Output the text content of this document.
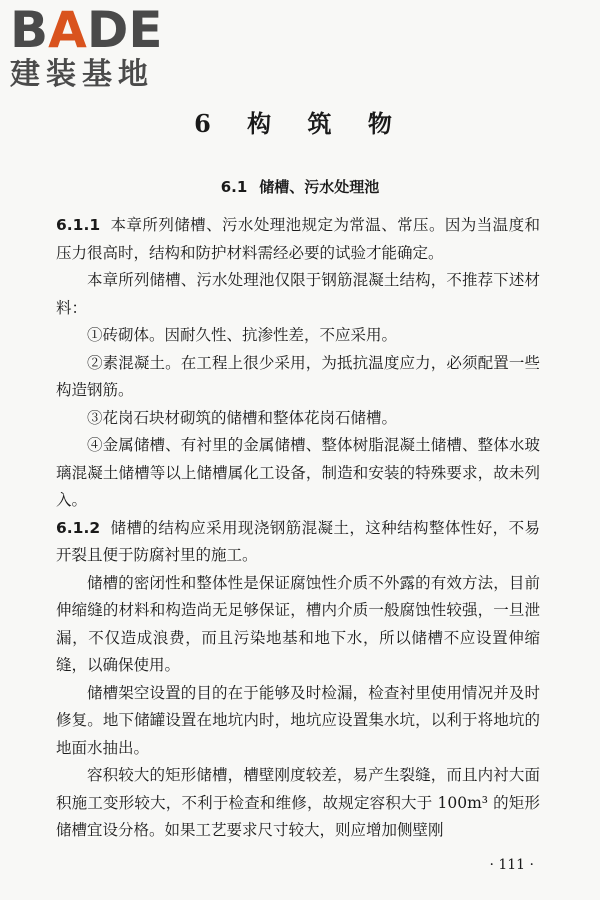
BADE
建装基地
6 构 筑 物
6.1 储槽、污水处理池

6.1.1 本章所列储槽、污水处理池规定为常温、常压。因为当温度和压力很高时，结构和防护材料需经必要的试验才能确定。

本章所列储槽、污水处理池仅限于钢筋混凝土结构，不推荐下述材料：

①砖砌体。因耐久性、抗渗性差，不应采用。

②素混凝土。在工程上很少采用，为抵抗温度应力，必须配置一些构造钢筋。

③花岗石块材砌筑的储槽和整体花岗石储槽。

④金属储槽、有衬里的金属储槽、整体树脂混凝土储槽、整体水玻璃混凝土储槽等以上储槽属化工设备，制造和安装的特殊要求，故未列入。

6.1.2 储槽的结构应采用现浇钢筋混凝土，这种结构整体性好，不易开裂且便于防腐衬里的施工。

储槽的密闭性和整体性是保证腐蚀性介质不外露的有效方法，目前伸缩缝的材料和构造尚无足够保证，槽内介质一般腐蚀性较强，一旦泄漏，不仅造成浪费，而且污染地基和地下水，所以储槽不应设置伸缩缝，以确保使用。

储槽架空设置的目的在于能够及时检漏，检查衬里使用情况并及时修复。地下储罐设置在地坑内时，地坑应设置集水坑，以利于将地坑的地面水抽出。

容积较大的矩形储槽，槽壁刚度较差，易产生裂缝，而且内衬大面积施工变形较大，不利于检查和维修，故规定容积大于 100m³ 的矩形储槽宜设分格。如果工艺要求尺寸较大，则应增加侧壁刚

· 111 ·
